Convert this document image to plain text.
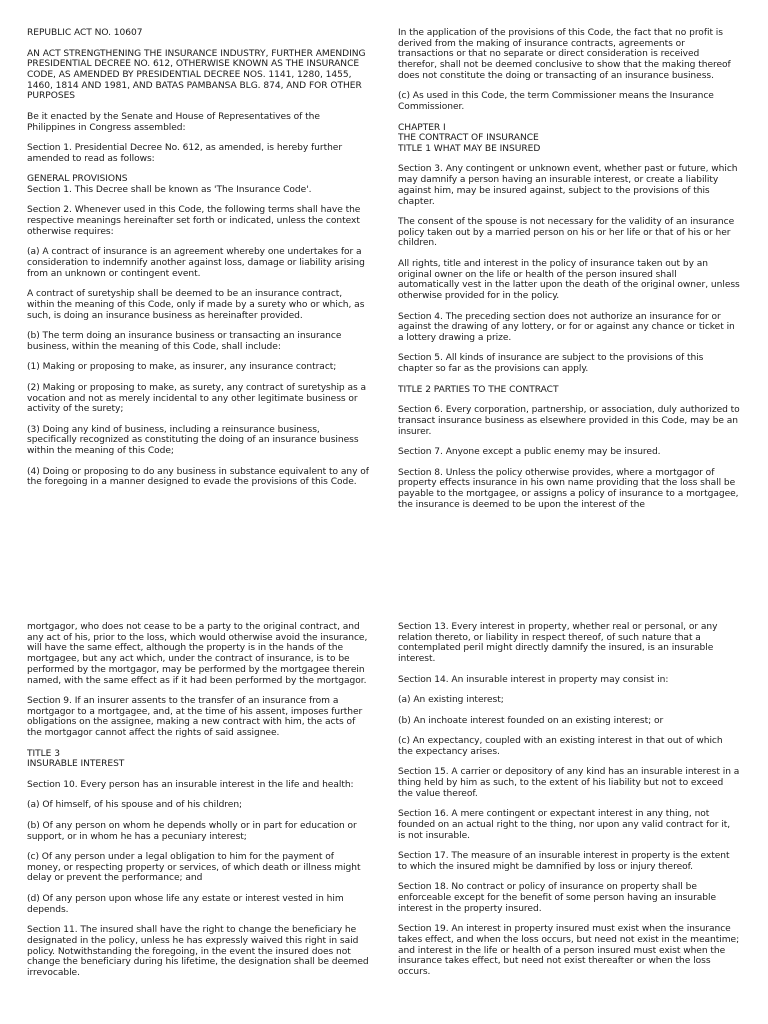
REPUBLIC ACT NO. 10607

AN ACT STRENGTHENING THE INSURANCE INDUSTRY, FURTHER AMENDING PRESIDENTIAL DECREE NO. 612, OTHERWISE KNOWN AS THE INSURANCE CODE, AS AMENDED BY PRESIDENTIAL DECREE NOS. 1141, 1280, 1455, 1460, 1814 AND 1981, AND BATAS PAMBANSA BLG. 874, AND FOR OTHER PURPOSES

Be it enacted by the Senate and House of Representatives of the Philippines in Congress assembled:

Section 1. Presidential Decree No. 612, as amended, is hereby further amended to read as follows:

GENERAL PROVISIONS

Section 1. This Decree shall be known as 'The Insurance Code'.

Section 2. Whenever used in this Code, the following terms shall have the respective meanings hereinafter set forth or indicated, unless the context otherwise requires:

(a) A contract of insurance is an agreement whereby one undertakes for a consideration to indemnify another against loss, damage or liability arising from an unknown or contingent event.

A contract of suretyship shall be deemed to be an insurance contract, within the meaning of this Code, only if made by a surety who or which, as such, is doing an insurance business as hereinafter provided.

(b) The term doing an insurance business or transacting an insurance business, within the meaning of this Code, shall include:

(1) Making or proposing to make, as insurer, any insurance contract;

(2) Making or proposing to make, as surety, any contract of suretyship as a vocation and not as merely incidental to any other legitimate business or activity of the surety;

(3) Doing any kind of business, including a reinsurance business, specifically recognized as constituting the doing of an insurance business within the meaning of this Code;

(4) Doing or proposing to do any business in substance equivalent to any of the foregoing in a manner designed to evade the provisions of this Code.

In the application of the provisions of this Code, the fact that no profit is derived from the making of insurance contracts, agreements or transactions or that no separate or direct consideration is received therefor, shall not be deemed conclusive to show that the making thereof does not constitute the doing or transacting of an insurance business.

(c) As used in this Code, the term Commissioner means the Insurance Commissioner.

CHAPTER I

THE CONTRACT OF INSURANCE

TITLE 1 WHAT MAY BE INSURED

Section 3. Any contingent or unknown event, whether past or future, which may damnify a person having an insurable interest, or create a liability against him, may be insured against, subject to the provisions of this chapter.

The consent of the spouse is not necessary for the validity of an insurance policy taken out by a married person on his or her life or that of his or her children.

All rights, title and interest in the policy of insurance taken out by an original owner on the life or health of the person insured shall automatically vest in the latter upon the death of the original owner, unless otherwise provided for in the policy.

Section 4. The preceding section does not authorize an insurance for or against the drawing of any lottery, or for or against any chance or ticket in a lottery drawing a prize.

Section 5. All kinds of insurance are subject to the provisions of this chapter so far as the provisions can apply.

TITLE 2 PARTIES TO THE CONTRACT

Section 6. Every corporation, partnership, or association, duly authorized to transact insurance business as elsewhere provided in this Code, may be an insurer.

Section 7. Anyone except a public enemy may be insured.

Section 8. Unless the policy otherwise provides, where a mortgagor of property effects insurance in his own name providing that the loss shall be payable to the mortgagee, or assigns a policy of insurance to a mortgagee, the insurance is deemed to be upon the interest of the

mortgagor, who does not cease to be a party to the original contract, and any act of his, prior to the loss, which would otherwise avoid the insurance, will have the same effect, although the property is in the hands of the mortgagee, but any act which, under the contract of insurance, is to be performed by the mortgagor, may be performed by the mortgagee therein named, with the same effect as if it had been performed by the mortgagor.

Section 9. If an insurer assents to the transfer of an insurance from a mortgagor to a mortgagee, and, at the time of his assent, imposes further obligations on the assignee, making a new contract with him, the acts of the mortgagor cannot affect the rights of said assignee.

TITLE 3

INSURABLE INTEREST

Section 10. Every person has an insurable interest in the life and health:

(a) Of himself, of his spouse and of his children;

(b) Of any person on whom he depends wholly or in part for education or support, or in whom he has a pecuniary interest;

(c) Of any person under a legal obligation to him for the payment of money, or respecting property or services, of which death or illness might delay or prevent the performance; and

(d) Of any person upon whose life any estate or interest vested in him depends.

Section 11. The insured shall have the right to change the beneficiary he designated in the policy, unless he has expressly waived this right in said policy. Notwithstanding the foregoing, in the event the insured does not change the beneficiary during his lifetime, the designation shall be deemed irrevocable.

Section 13. Every interest in property, whether real or personal, or any relation thereto, or liability in respect thereof, of such nature that a contemplated peril might directly damnify the insured, is an insurable interest.

Section 14. An insurable interest in property may consist in:

(a) An existing interest;

(b) An inchoate interest founded on an existing interest; or

(c) An expectancy, coupled with an existing interest in that out of which the expectancy arises.

Section 15. A carrier or depository of any kind has an insurable interest in a thing held by him as such, to the extent of his liability but not to exceed the value thereof.

Section 16. A mere contingent or expectant interest in any thing, not founded on an actual right to the thing, nor upon any valid contract for it, is not insurable.

Section 17. The measure of an insurable interest in property is the extent to which the insured might be damnified by loss or injury thereof.

Section 18. No contract or policy of insurance on property shall be enforceable except for the benefit of some person having an insurable interest in the property insured.

Section 19. An interest in property insured must exist when the insurance takes effect, and when the loss occurs, but need not exist in the meantime; and interest in the life or health of a person insured must exist when the insurance takes effect, but need not exist thereafter or when the loss occurs.
